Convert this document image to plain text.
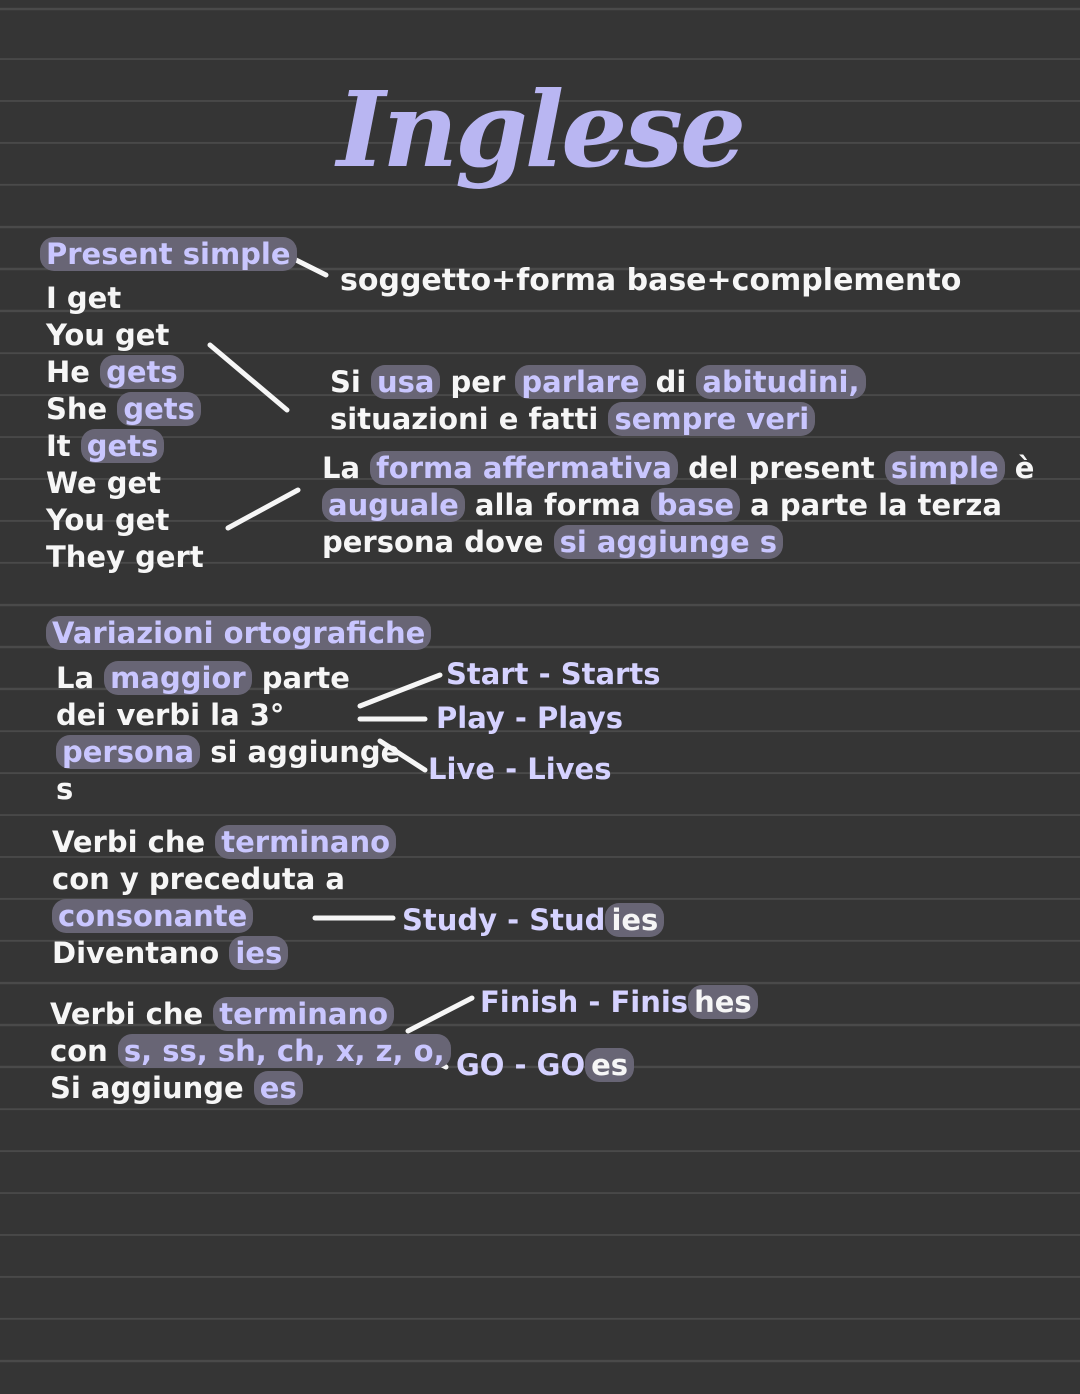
Inglese
Present simple
soggetto+forma base+complemento
I get
You get
He gets
She gets
It gets
We get
You get
They gert
Si usa per parlare di abitudini,
situazioni e fatti sempre veri
La forma affermativa del present simple è
auguale alla forma base a parte la terza
persona dove si aggiunge s
Variazioni ortografiche
La maggior parte
dei verbi la 3°
persona si aggiunge
s
Start - Starts
Play - Plays
Live - Lives
Verbi che terminano
con y preceduta a
consonante
Diventano ies
Study - Stud ies
Verbi che terminano
con s, ss, sh, ch, x, z, o,
Si aggiunge es
Finish - Finis hes
GO - GO es
